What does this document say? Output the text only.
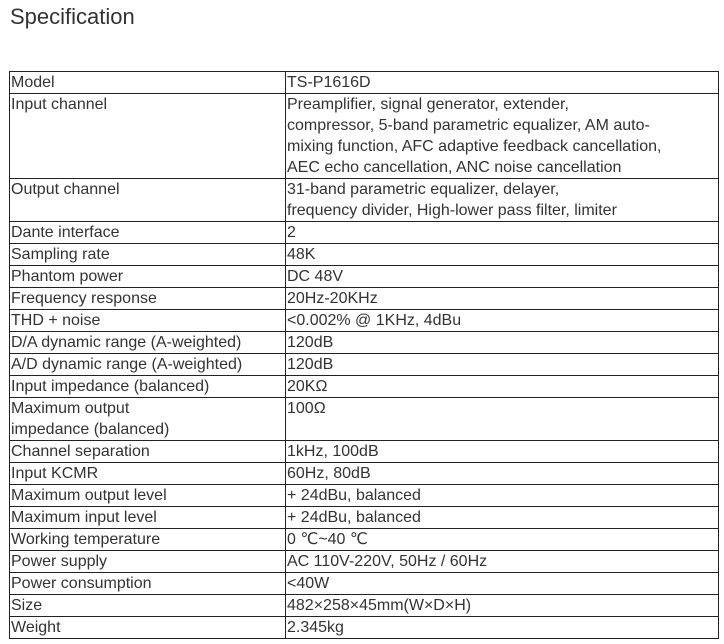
Specification
Model	TS-P1616D
Input channel	Preamplifier, signal generator, extender,
compressor, 5-band parametric equalizer, AM auto-
mixing function, AFC adaptive feedback cancellation,
AEC echo cancellation, ANC noise cancellation

Output channel	31-band parametric equalizer, delayer,
frequency divider, High-lower pass filter, limiter

Dante interface	2
Sampling rate	48K
Phantom power	DC 48V
Frequency response	20Hz-20KHz
THD + noise	<0.002% @ 1KHz, 4dBu
D/A dynamic range (A-weighted)	120dB
A/D dynamic range (A-weighted)	120dB
Input impedance (balanced)	20KΩ

Maximum output
impedance (balanced)	100Ω
Channel separation	1kHz, 100dB
Input KCMR	60Hz, 80dB
Maximum output level	+ 24dBu, balanced
Maximum input level	+ 24dBu, balanced
Working temperature	0 ℃~40 ℃
Power supply	AC 110V-220V, 50Hz / 60Hz
Power consumption	<40W
Size	482×258×45mm(W×D×H)
Weight	2.345kg
